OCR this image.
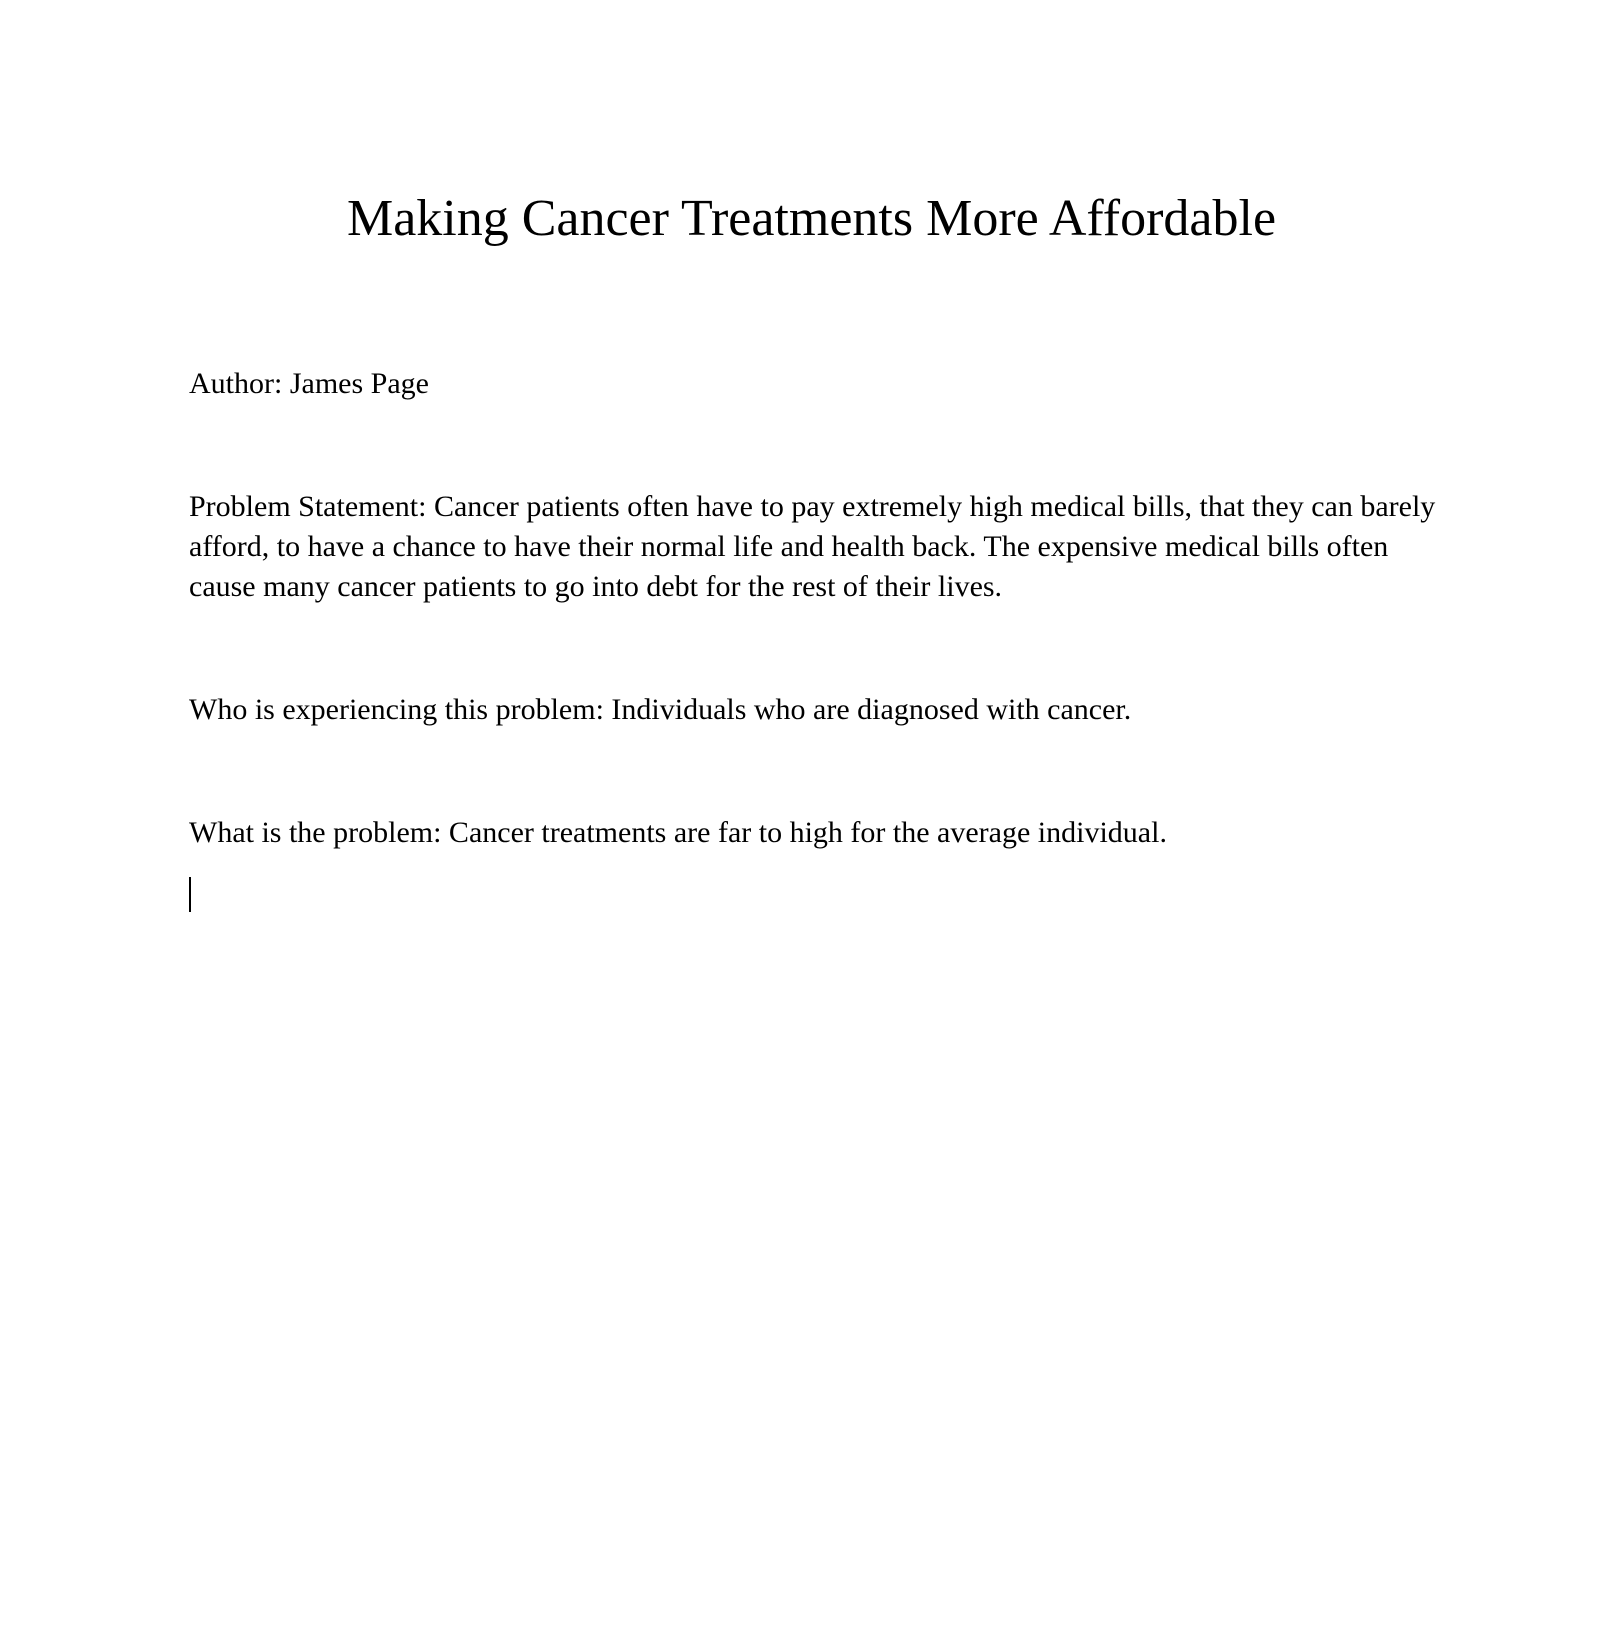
Making Cancer Treatments More Affordable

Author: James Page

Problem Statement: Cancer patients often have to pay extremely high medical bills, that they can barely afford, to have a chance to have their normal life and health back. The expensive medical bills often cause many cancer patients to go into debt for the rest of their lives.

Who is experiencing this problem: Individuals who are diagnosed with cancer.

What is the problem: Cancer treatments are far to high for the average individual.
